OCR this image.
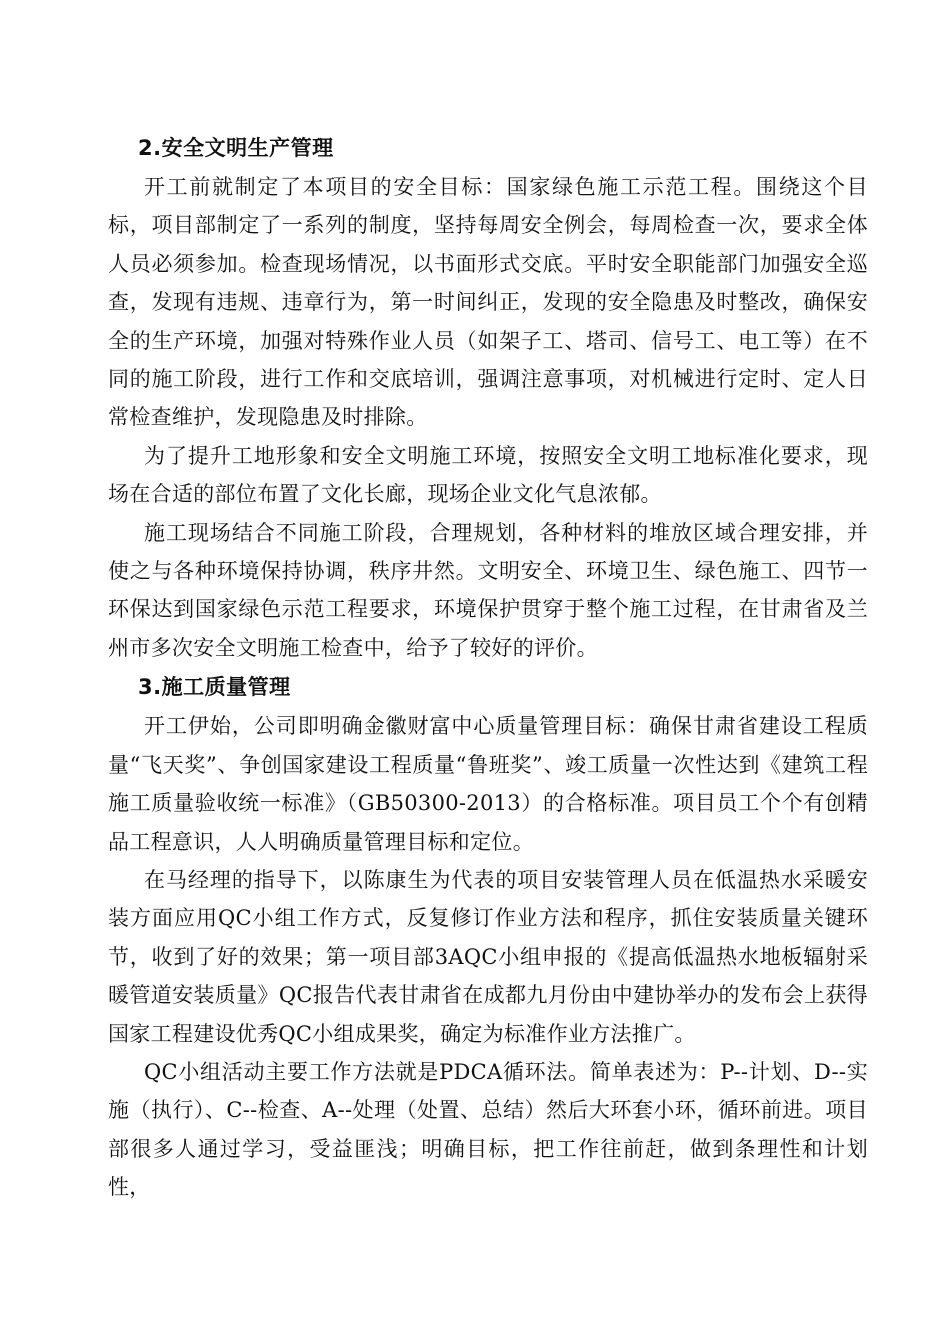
2.安全文明生产管理

开工前就制定了本项目的安全目标：国家绿色施工示范工程。围绕这个目标，项目部制定了一系列的制度，坚持每周安全例会，每周检查一次，要求全体人员必须参加。检查现场情况，以书面形式交底。平时安全职能部门加强安全巡查，发现有违规、违章行为，第一时间纠正，发现的安全隐患及时整改，确保安全的生产环境，加强对特殊作业人员（如架子工、塔司、信号工、电工等）在不同的施工阶段，进行工作和交底培训，强调注意事项，对机械进行定时、定人日常检查维护，发现隐患及时排除。

为了提升工地形象和安全文明施工环境，按照安全文明工地标准化要求，现场在合适的部位布置了文化长廊，现场企业文化气息浓郁。

施工现场结合不同施工阶段，合理规划，各种材料的堆放区域合理安排，并使之与各种环境保持协调，秩序井然。文明安全、环境卫生、绿色施工、四节一环保达到国家绿色示范工程要求，环境保护贯穿于整个施工过程，在甘肃省及兰州市多次安全文明施工检查中，给予了较好的评价。

3.施工质量管理

开工伊始，公司即明确金徽财富中心质量管理目标：确保甘肃省建设工程质量“飞天奖”、争创国家建设工程质量“鲁班奖”、竣工质量一次性达到《建筑工程施工质量验收统一标准》（GB50300-2013）的合格标准。项目员工个个有创精品工程意识，人人明确质量管理目标和定位。

在马经理的指导下，以陈康生为代表的项目安装管理人员在低温热水采暖安装方面应用QC小组工作方式，反复修订作业方法和程序，抓住安装质量关键环节，收到了好的效果；第一项目部3AQC小组申报的《提高低温热水地板辐射采暖管道安装质量》QC报告代表甘肃省在成都九月份由中建协举办的发布会上获得国家工程建设优秀QC小组成果奖，确定为标准作业方法推广。

QC小组活动主要工作方法就是PDCA循环法。简单表述为：P--计划、D--实施（执行）、C--检查、A--处理（处置、总结）然后大环套小环，循环前进。项目部很多人通过学习，受益匪浅；明确目标，把工作往前赶，做到条理性和计划性，
